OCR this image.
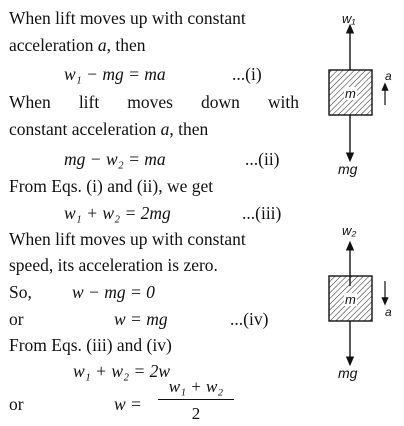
When lift moves up with constant
acceleration a, then
w₁ − mg = ma	...(i)
When lift moves down with
constant acceleration a, then
mg − w₂ = ma	...(ii)
From Eqs. (i) and (ii), we get
w₁ + w₂ = 2mg	...(iii)
When lift moves up with constant
speed, its acceleration is zero.
So, w − mg = 0
or	w = mg	...(iv)
From Eqs. (iii) and (iv)
w₁ + w₂ = 2w
or	w =
w₁ + w₂
2
w₁
m
a
mg
w₂
m
a
mg
